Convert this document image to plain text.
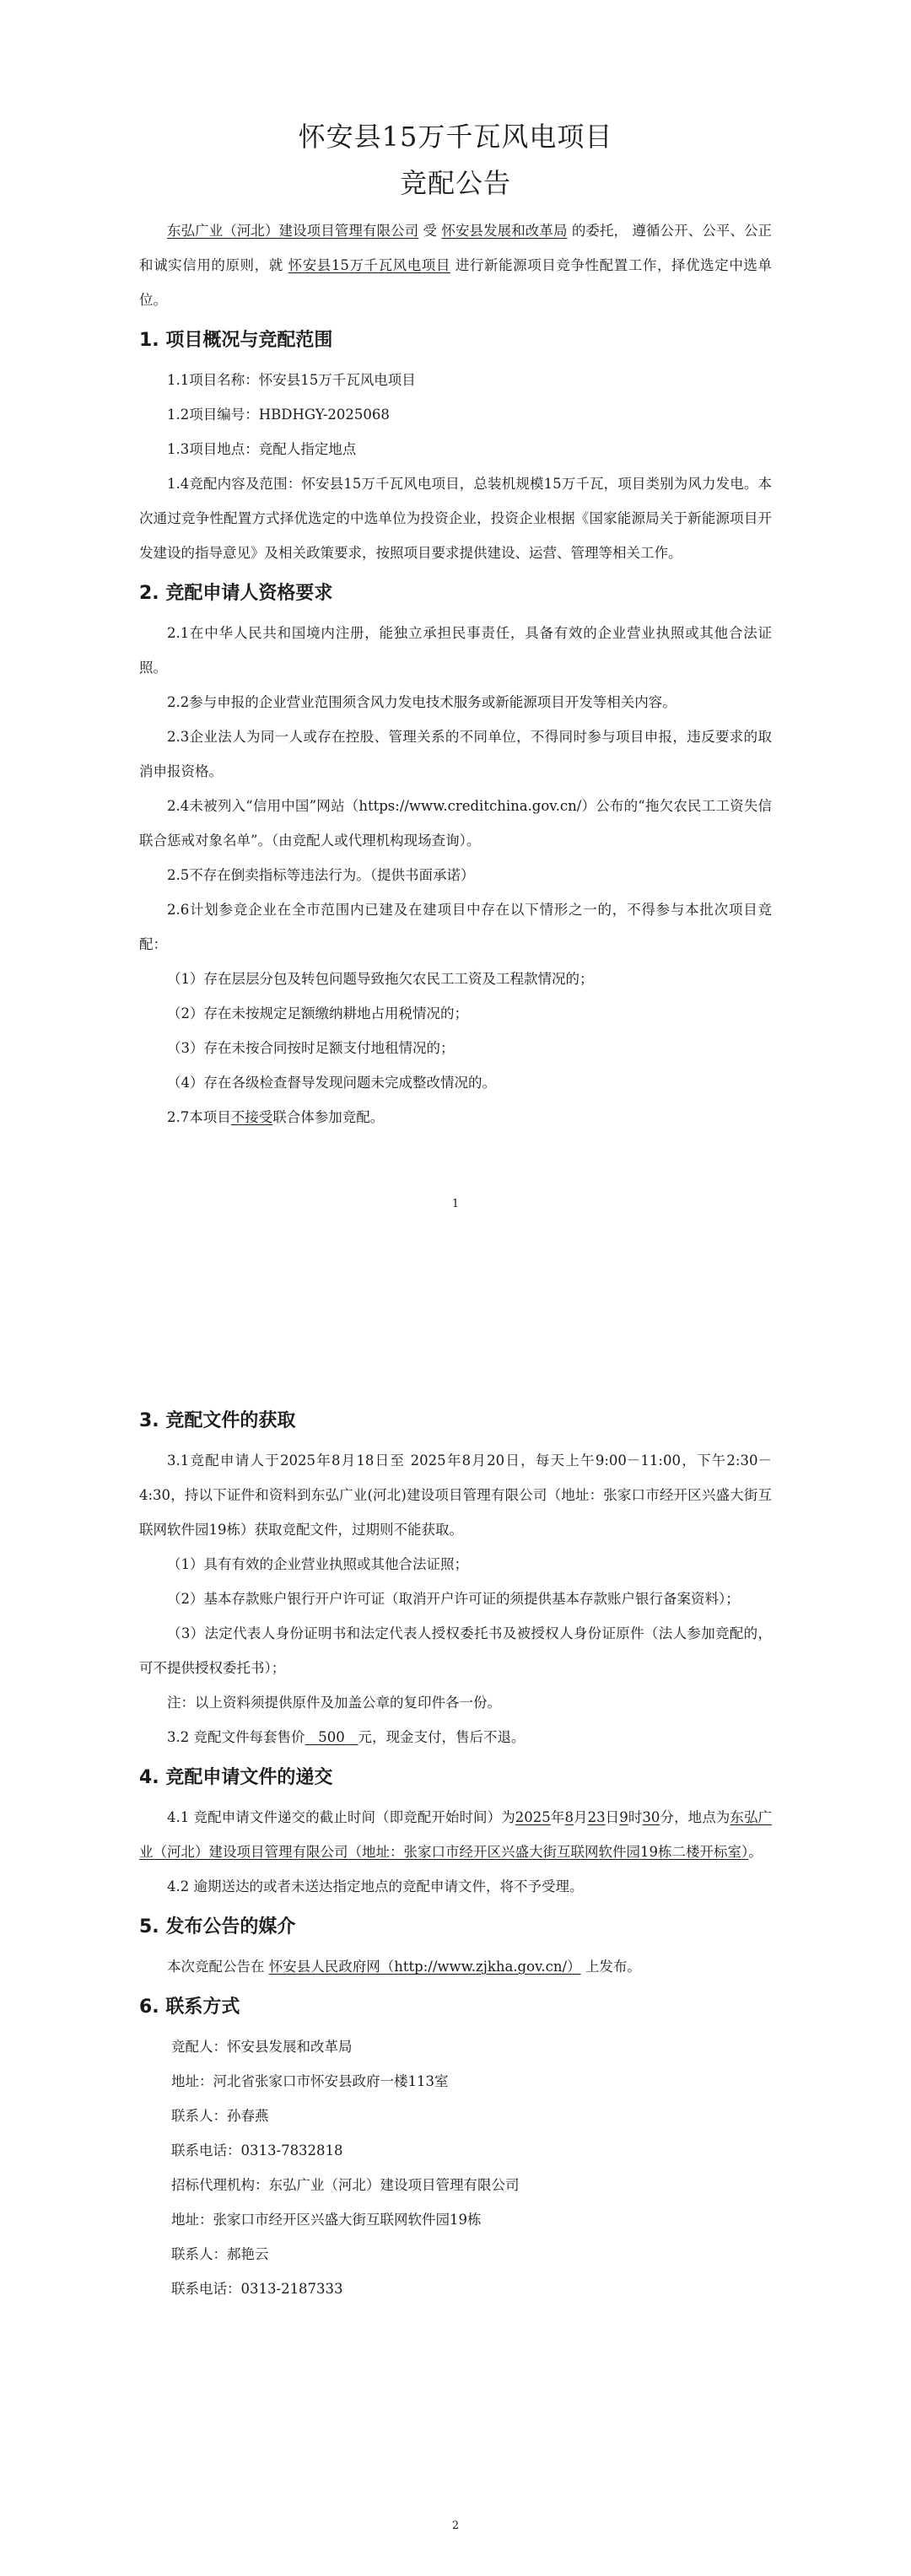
怀安县15万千瓦风电项目
竞配公告

东弘广业（河北）建设项目管理有限公司 受 怀安县发展和改革局 的委托， 遵循公开、公平、公正和诚实信用的原则，就 怀安县15万千瓦风电项目 进行新能源项目竞争性配置工作，择优选定中选单位。

1. 项目概况与竞配范围

1.1项目名称：怀安县15万千瓦风电项目

1.2项目编号：HBDHGY-2025068

1.3项目地点：竞配人指定地点

1.4竞配内容及范围：怀安县15万千瓦风电项目，总装机规模15万千瓦，项目类别为风力发电。本次通过竞争性配置方式择优选定的中选单位为投资企业，投资企业根据《国家能源局关于新能源项目开发建设的指导意见》及相关政策要求，按照项目要求提供建设、运营、管理等相关工作。

2. 竞配申请人资格要求

2.1在中华人民共和国境内注册，能独立承担民事责任，具备有效的企业营业执照或其他合法证照。

2.2参与申报的企业营业范围须含风力发电技术服务或新能源项目开发等相关内容。

2.3企业法人为同一人或存在控股、管理关系的不同单位，不得同时参与项目申报，违反要求的取消申报资格。

2.4未被列入“信用中国”网站（https://www.creditchina.gov.cn/）公布的“拖欠农民工工资失信联合惩戒对象名单”。（由竞配人或代理机构现场查询）。

2.5不存在倒卖指标等违法行为。（提供书面承诺）

2.6计划参竞企业在全市范围内已建及在建项目中存在以下情形之一的，不得参与本批次项目竞配：

（1）存在层层分包及转包问题导致拖欠农民工工资及工程款情况的；

（2）存在未按规定足额缴纳耕地占用税情况的；

（3）存在未按合同按时足额支付地租情况的；

（4）存在各级检查督导发现问题未完成整改情况的。

2.7本项目不接受联合体参加竞配。

1
3. 竞配文件的获取

3.1竞配申请人于2025年8月18日至 2025年8月20日，每天上午9:00－11:00，下午2:30－4:30，持以下证件和资料到东弘广业(河北)建设项目管理有限公司（地址：张家口市经开区兴盛大街互联网软件园19栋）获取竞配文件，过期则不能获取。

（1）具有有效的企业营业执照或其他合法证照；

（2）基本存款账户银行开户许可证（取消开户许可证的须提供基本存款账户银行备案资料）；

（3）法定代表人身份证明书和法定代表人授权委托书及被授权人身份证原件（法人参加竞配的，可不提供授权委托书）；

注：以上资料须提供原件及加盖公章的复印件各一份。

3.2 竞配文件每套售价 500 元，现金支付，售后不退。

4. 竞配申请文件的递交

4.1 竞配申请文件递交的截止时间（即竞配开始时间）为2025年8月23日9时30分，地点为东弘广业（河北）建设项目管理有限公司（地址：张家口市经开区兴盛大街互联网软件园19栋二楼开标室）。

4.2 逾期送达的或者未送达指定地点的竞配申请文件，将不予受理。

5. 发布公告的媒介

本次竞配公告在 怀安县人民政府网（http://www.zjkha.gov.cn/） 上发布。

6. 联系方式

竞配人：怀安县发展和改革局

地址：河北省张家口市怀安县政府一楼113室

联系人：孙春燕

联系电话：0313-7832818

招标代理机构：东弘广业（河北）建设项目管理有限公司

地址：张家口市经开区兴盛大街互联网软件园19栋

联系人：郝艳云

联系电话：0313-2187333

2
